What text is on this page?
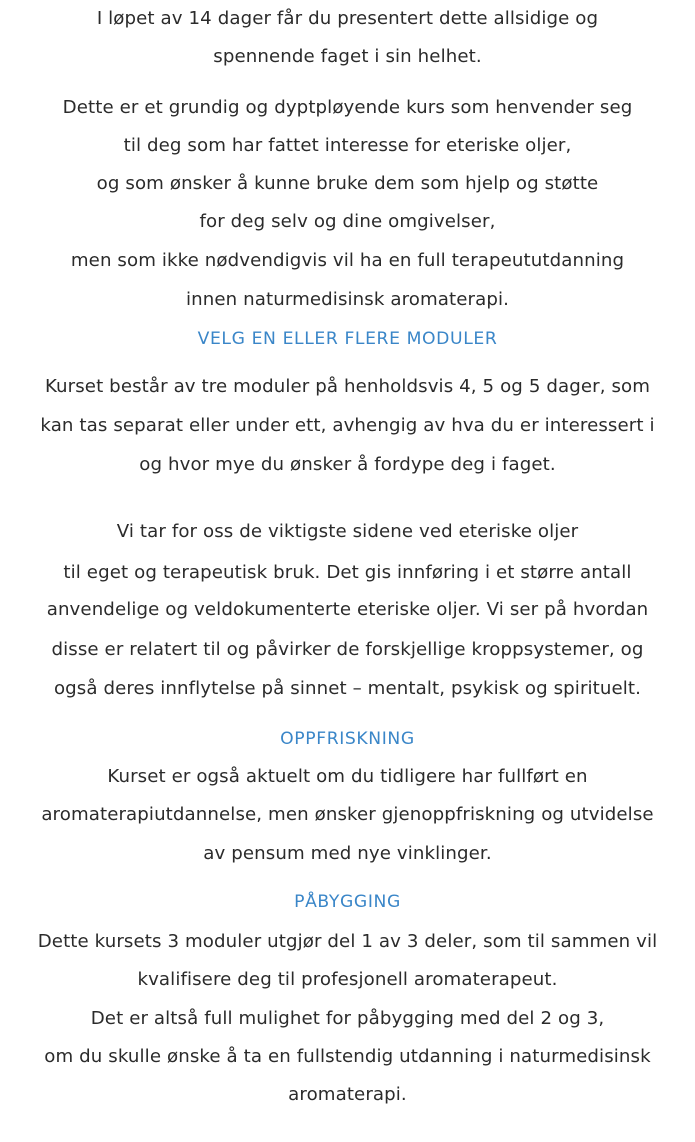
I løpet av 14 dager får du presentert dette allsidige og
spennende faget i sin helhet.
Dette er et grundig og dyptpløyende kurs som henvender seg
til deg som har fattet interesse for eteriske oljer,
og som ønsker å kunne bruke dem som hjelp og støtte
for deg selv og dine omgivelser,
men som ikke nødvendigvis vil ha en full terapeututdanning
innen naturmedisinsk aromaterapi.
VELG EN ELLER FLERE MODULER
Kurset består av tre moduler på henholdsvis 4, 5 og 5 dager, som
kan tas separat eller under ett, avhengig av hva du er interessert i
og hvor mye du ønsker å fordype deg i faget.
Vi tar for oss de viktigste sidene ved eteriske oljer
til eget og terapeutisk bruk. Det gis innføring i et større antall
anvendelige og veldokumenterte eteriske oljer. Vi ser på hvordan
disse er relatert til og påvirker de forskjellige kroppsystemer, og
også deres innflytelse på sinnet – mentalt, psykisk og spirituelt.
OPPFRISKNING
Kurset er også aktuelt om du tidligere har fullført en
aromaterapiutdannelse, men ønsker gjenoppfriskning og utvidelse
av pensum med nye vinklinger.
PÅBYGGING
Dette kursets 3 moduler utgjør del 1 av 3 deler, som til sammen vil
kvalifisere deg til profesjonell aromaterapeut.
Det er altså full mulighet for påbygging med del 2 og 3,
om du skulle ønske å ta en fullstendig utdanning i naturmedisinsk
aromaterapi.
